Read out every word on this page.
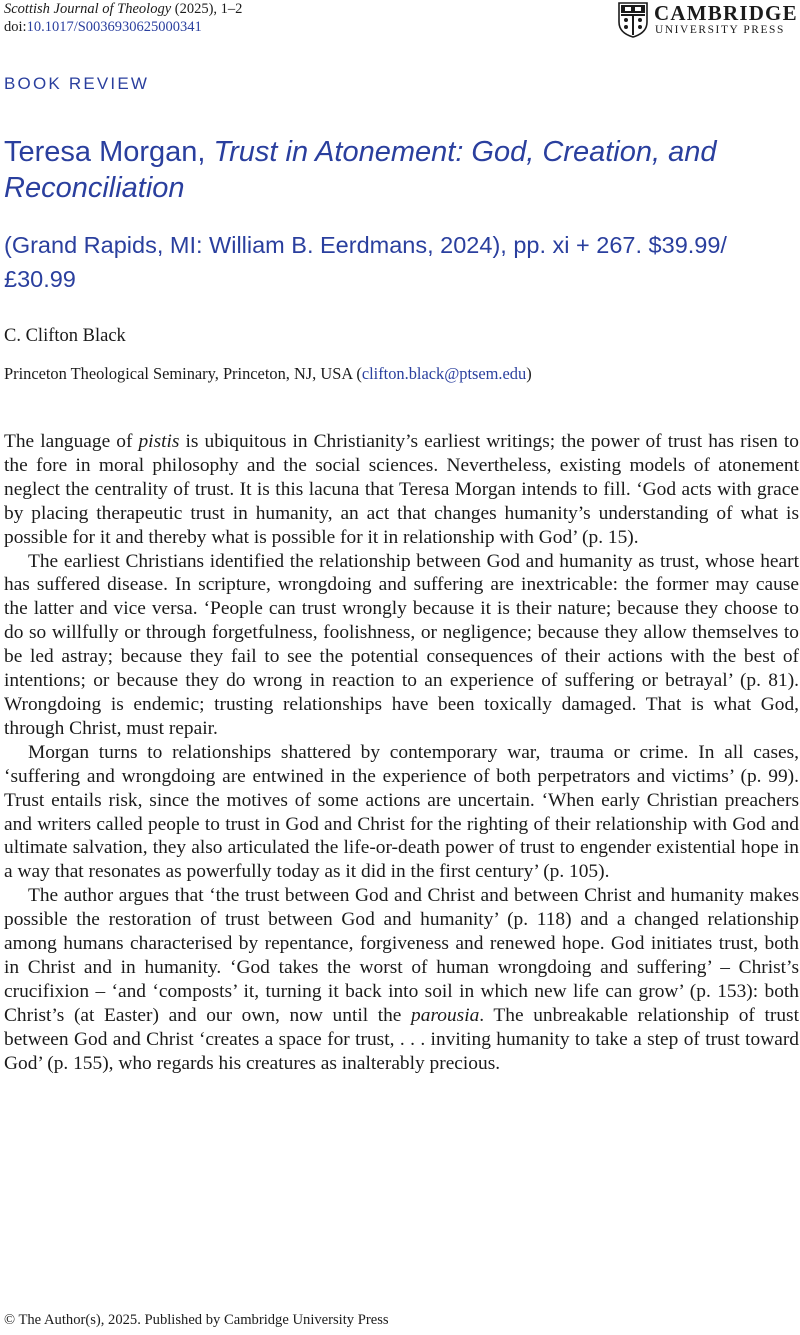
Scottish Journal of Theology (2025), 1–2
doi:10.1017/S0036930625000341
CAMBRIDGE
UNIVERSITY PRESS
BOOK REVIEW
Teresa Morgan, Trust in Atonement: God, Creation, and Reconciliation
(Grand Rapids, MI: William B. Eerdmans, 2024), pp. xi + 267. $39.99/£30.99
C. Clifton Black
Princeton Theological Seminary, Princeton, NJ, USA (clifton.black@ptsem.edu)

The language of pistis is ubiquitous in Christianity’s earliest writings; the power of trust has risen to the fore in moral philosophy and the social sciences. Nevertheless, existing models of atonement neglect the centrality of trust. It is this lacuna that Teresa Morgan intends to fill. ‘God acts with grace by placing therapeutic trust in humanity, an act that changes humanity’s understanding of what is possible for it and thereby what is possible for it in relationship with God’ (p. 15).

The earliest Christians identified the relationship between God and humanity as trust, whose heart has suffered disease. In scripture, wrongdoing and suffering are inextricable: the former may cause the latter and vice versa. ‘People can trust wrongly because it is their nature; because they choose to do so willfully or through forgetfulness, foolishness, or negligence; because they allow themselves to be led astray; because they fail to see the potential consequences of their actions with the best of intentions; or because they do wrong in reaction to an experience of suffering or betrayal’ (p. 81). Wrongdoing is endemic; trusting relationships have been toxically damaged. That is what God, through Christ, must repair.

Morgan turns to relationships shattered by contemporary war, trauma or crime. In all cases, ‘suffering and wrongdoing are entwined in the experience of both perpetrators and victims’ (p. 99). Trust entails risk, since the motives of some actions are uncertain. ‘When early Christian preachers and writers called people to trust in God and Christ for the righting of their relationship with God and ultimate salvation, they also articulated the life-or-death power of trust to engender existential hope in a way that resonates as powerfully today as it did in the first century’ (p. 105).

The author argues that ‘the trust between God and Christ and between Christ and humanity makes possible the restoration of trust between God and humanity’ (p. 118) and a changed relationship among humans characterised by repentance, forgiveness and renewed hope. God initiates trust, both in Christ and in humanity. ‘God takes the worst of human wrongdoing and suffering’ – Christ’s crucifixion – ‘and ‘composts’ it, turning it back into soil in which new life can grow’ (p. 153): both Christ’s (at Easter) and our own, now until the parousia. The unbreakable relationship of trust between God and Christ ‘creates a space for trust, . . . inviting humanity to take a step of trust toward God’ (p. 155), who regards his creatures as inalterably precious.

© The Author(s), 2025. Published by Cambridge University Press
